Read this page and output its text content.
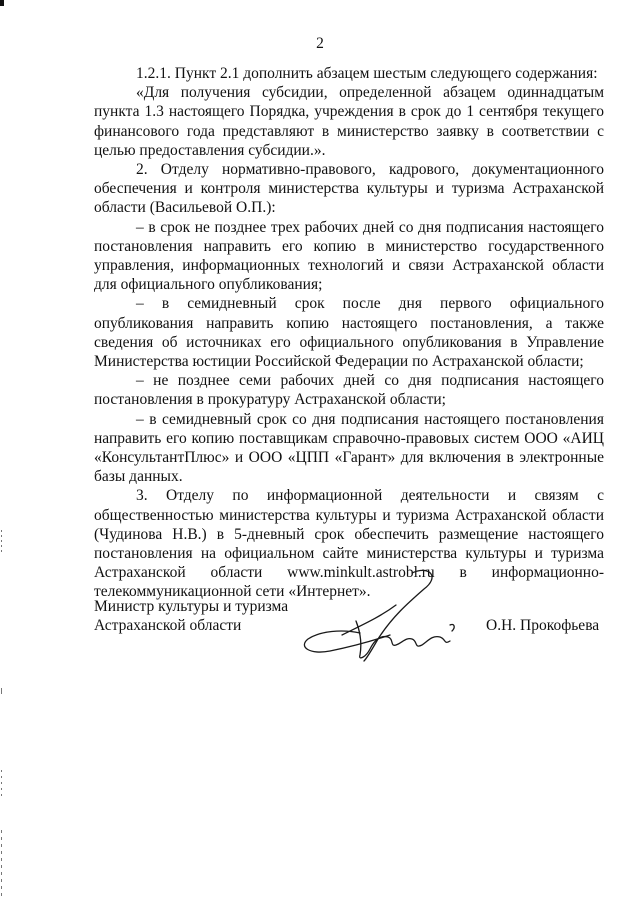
2

1.2.1. Пункт 2.1 дополнить абзацем шестым следующего содержания:

«Для получения субсидии, определенной абзацем одиннадцатым пункта 1.3 настоящего Порядка, учреждения в срок до 1 сентября текущего финансового года представляют в министерство заявку в соответствии с целью предоставления субсидии.».

2. Отделу нормативно-правового, кадрового, документационного обеспечения и контроля министерства культуры и туризма Астраханской области (Васильевой О.П.):

– в срок не позднее трех рабочих дней со дня подписания настоящего постановления направить его копию в министерство государственного управления, информационных технологий и связи Астраханской области для официального опубликования;

– в семидневный срок после дня первого официального опубликования направить копию настоящего постановления, а также сведения об источниках его официального опубликования в Управление Министерства юстиции Российской Федерации по Астраханской области;

– не позднее семи рабочих дней со дня подписания настоящего постановления в прокуратуру Астраханской области;

– в семидневный срок со дня подписания настоящего постановления направить его копию поставщикам справочно-правовых систем ООО «АИЦ «КонсультантПлюс» и ООО «ЦПП «Гарант» для включения в электронные базы данных.

3. Отделу по информационной деятельности и связям с общественностью министерства культуры и туризма Астраханской области (Чудинова Н.В.) в 5-дневный срок обеспечить размещение настоящего постановления на официальном сайте министерства культуры и туризма Астраханской области www.minkult.astrobl.ru в информационно-телекоммуникационной сети «Интернет».

Министр культуры и туризма
Астраханской области	О.Н. Прокофьева
